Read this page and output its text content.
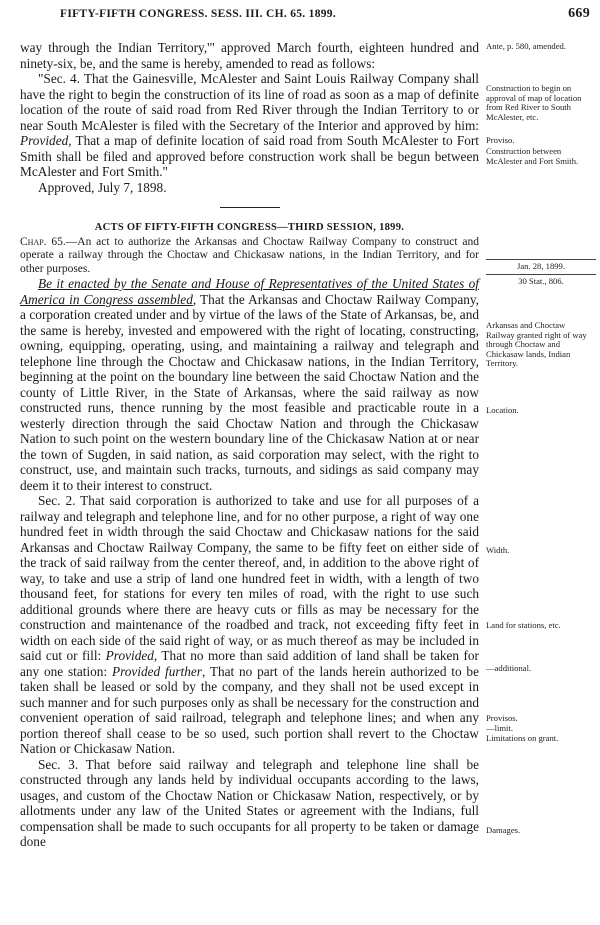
FIFTY-FIFTH CONGRESS. SESS. III. CH. 65. 1899.	669

way through the Indian Territory,'" approved March fourth, eighteen hundred and ninety-six, be, and the same is hereby, amended to read as follows:

"Sec. 4. That the Gainesville, McAlester and Saint Louis Railway Company shall have the right to begin the construction of its line of road as soon as a map of definite location of the route of said road from Red River through the Indian Territory to or near South McAlester is filed with the Secretary of the Interior and approved by him: Provided, That a map of definite location of said road from South McAlester to Fort Smith shall be filed and approved before construction work shall be begun between McAlester and Fort Smith."

Approved, July 7, 1898.

ACTS OF FIFTY-FIFTH CONGRESS—THIRD SESSION, 1899.

Chap. 65.—An act to authorize the Arkansas and Choctaw Railway Company to construct and operate a railway through the Choctaw and Chickasaw nations, in the Indian Territory, and for other purposes.

Be it enacted by the Senate and House of Representatives of the United States of America in Congress assembled, That the Arkansas and Choctaw Railway Company, a corporation created under and by virtue of the laws of the State of Arkansas, be, and the same is hereby, invested and empowered with the right of locating, constructing, owning, equipping, operating, using, and maintaining a railway and telegraph and telephone line through the Choctaw and Chickasaw nations, in the Indian Territory, beginning at the point on the boundary line between the said Choctaw Nation and the county of Little River, in the State of Arkansas, where the said railway as now constructed runs, thence running by the most feasible and practicable route in a westerly direction through the said Choctaw Nation and through the Chickasaw Nation to such point on the western boundary line of the Chickasaw Nation at or near the town of Sugden, in said nation, as said corporation may select, with the right to construct, use, and maintain such tracks, turnouts, and sidings as said company may deem it to their interest to construct.

Sec. 2. That said corporation is authorized to take and use for all purposes of a railway and telegraph and telephone line, and for no other purpose, a right of way one hundred feet in width through the said Choctaw and Chickasaw nations for the said Arkansas and Choctaw Railway Company, the same to be fifty feet on either side of the track of said railway from the center thereof, and, in addition to the above right of way, to take and use a strip of land one hundred feet in width, with a length of two thousand feet, for stations for every ten miles of road, with the right to use such additional grounds where there are heavy cuts or fills as may be necessary for the construction and maintenance of the roadbed and track, not exceeding fifty feet in width on each side of the said right of way, or as much thereof as may be included in said cut or fill: Provided, That no more than said addition of land shall be taken for any one station: Provided further, That no part of the lands herein authorized to be taken shall be leased or sold by the company, and they shall not be used except in such manner and for such purposes only as shall be necessary for the construction and convenient operation of said railroad, telegraph and telephone lines; and when any portion thereof shall cease to be so used, such portion shall revert to the Choctaw Nation or Chickasaw Nation.

Sec. 3. That before said railway and telegraph and telephone line shall be constructed through any lands held by individual occupants according to the laws, usages, and custom of the Choctaw Nation or Chickasaw Nation, respectively, or by allotments under any law of the United States or agreement with the Indians, full compensation shall be made to such occupants for all property to be taken or damage done

Ante, p. 580, amended.
Construction to begin on approval of map of location from Red River to South McAlester, etc.
Proviso.
Construction between McAlester and Fort Smith.
Jan. 28, 1899.
30 Stat., 806.
Arkansas and Choctaw Railway granted right of way through Choctaw and Chickasaw lands, Indian Territory.
Location.
Width.
Land for stations, etc.
—additional.
Provisos.
—limit.
Limitations on grant.
Damages.
